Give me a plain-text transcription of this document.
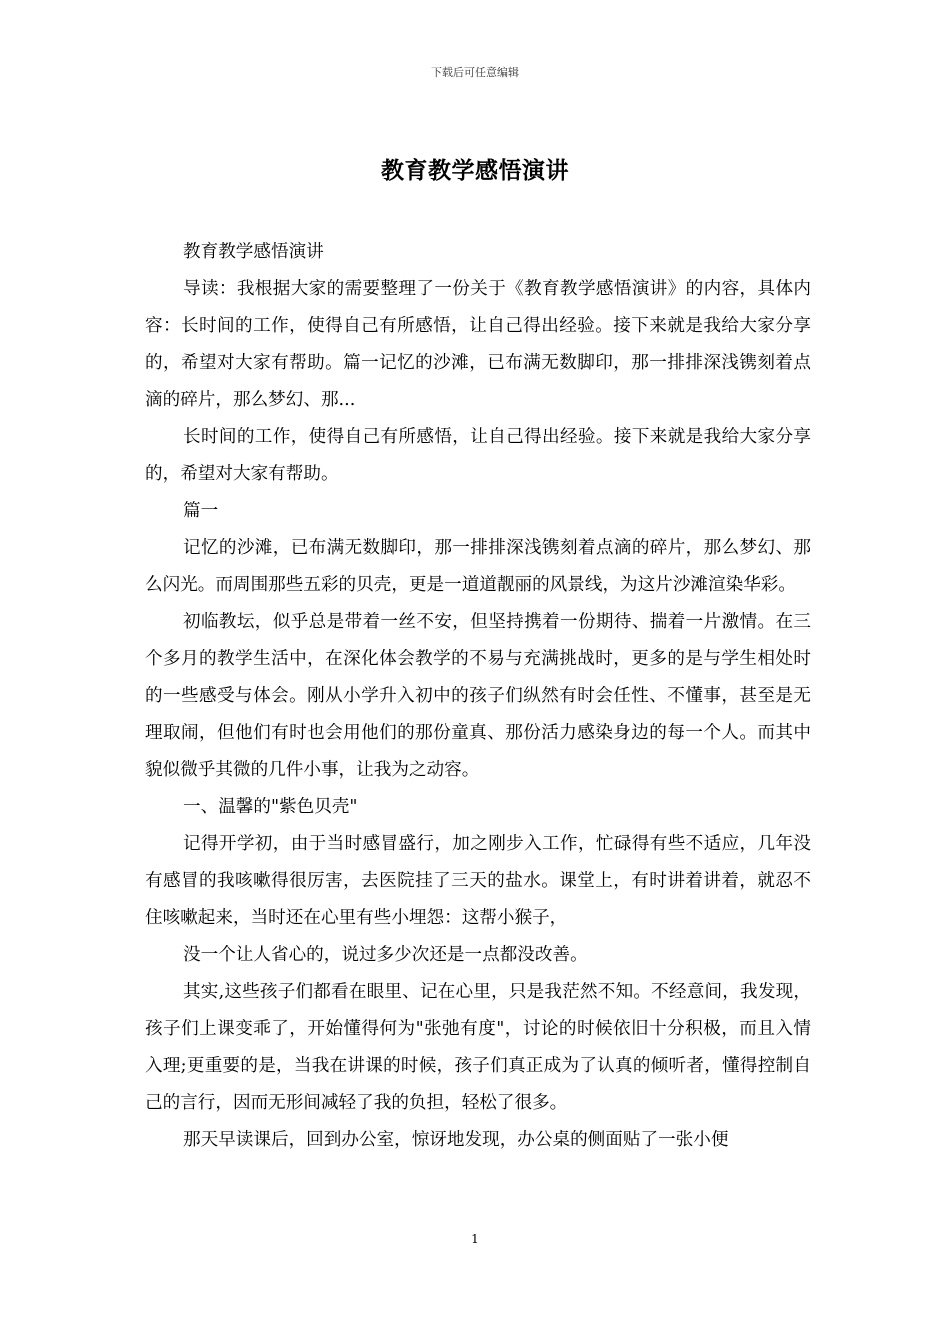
下载后可任意编辑
教育教学感悟演讲

教育教学感悟演讲

导读：我根据大家的需要整理了一份关于《教育教学感悟演讲》的内容，具体内容：长时间的工作，使得自己有所感悟，让自己得出经验。接下来就是我给大家分享的，希望对大家有帮助。篇一记忆的沙滩，已布满无数脚印，那一排排深浅镌刻着点滴的碎片，那么梦幻、那...

长时间的工作，使得自己有所感悟，让自己得出经验。接下来就是我给大家分享的，希望对大家有帮助。

篇一

记忆的沙滩，已布满无数脚印，那一排排深浅镌刻着点滴的碎片，那么梦幻、那么闪光。而周围那些五彩的贝壳，更是一道道靓丽的风景线，为这片沙滩渲染华彩。

初临教坛，似乎总是带着一丝不安，但坚持携着一份期待、揣着一片激情。在三个多月的教学生活中，在深化体会教学的不易与充满挑战时，更多的是与学生相处时的一些感受与体会。刚从小学升入初中的孩子们纵然有时会任性、不懂事，甚至是无理取闹，但他们有时也会用他们的那份童真、那份活力感染身边的每一个人。而其中貌似微乎其微的几件小事，让我为之动容。

一、温馨的"紫色贝壳"

记得开学初，由于当时感冒盛行，加之刚步入工作，忙碌得有些不适应，几年没有感冒的我咳嗽得很厉害，去医院挂了三天的盐水。课堂上，有时讲着讲着，就忍不住咳嗽起来，当时还在心里有些小埋怨：这帮小猴子，

没一个让人省心的，说过多少次还是一点都没改善。

其实,这些孩子们都看在眼里、记在心里，只是我茫然不知。不经意间，我发现，孩子们上课变乖了，开始懂得何为"张弛有度"，讨论的时候依旧十分积极，而且入情入理;更重要的是，当我在讲课的时候，孩子们真正成为了认真的倾听者，懂得控制自己的言行，因而无形间减轻了我的负担，轻松了很多。

那天早读课后，回到办公室，惊讶地发现，办公桌的侧面贴了一张小便

1
